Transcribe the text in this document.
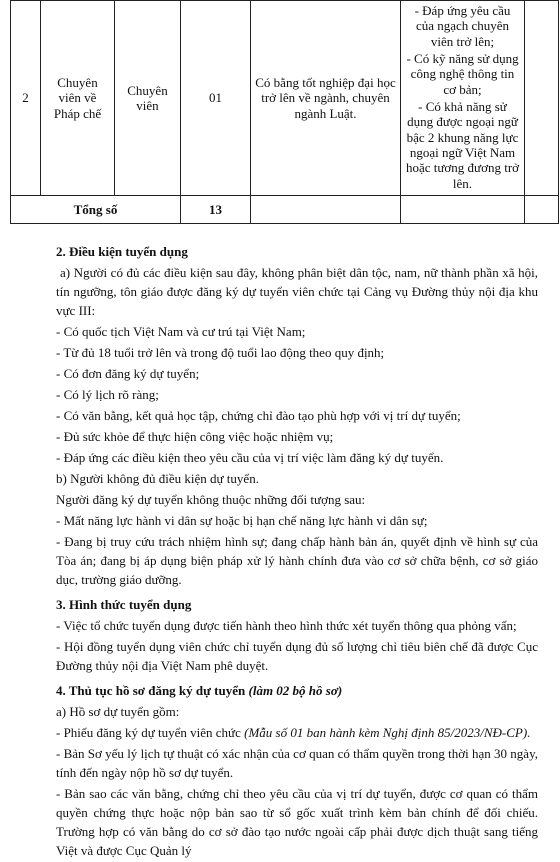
2	Chuyên viên về Pháp chế	Chuyên viên	01	Có bằng tốt nghiệp đại học trở lên về ngành, chuyên ngành Luật.	- Đáp ứng yêu cầu của ngạch chuyên viên trở lên;
- Có kỹ năng sử dụng công nghệ thông tin cơ bản;
- Có khả năng sử dụng được ngoại ngữ bậc 2 khung năng lực ngoại ngữ Việt Nam hoặc tương đương trở lên.	

Tổng số			13			
2. Điều kiện tuyển dụng
a) Người có đủ các điều kiện sau đây, không phân biệt dân tộc, nam, nữ thành phần xã hội, tín ngưỡng, tôn giáo được đăng ký dự tuyển viên chức tại Cảng vụ Đường thủy nội địa khu vực III:
- Có quốc tịch Việt Nam và cư trú tại Việt Nam;
- Từ đủ 18 tuổi trở lên và trong độ tuổi lao động theo quy định;
- Có đơn đăng ký dự tuyển;
- Có lý lịch rõ ràng;
- Có văn bằng, kết quả học tập, chứng chỉ đào tạo phù hợp với vị trí dự tuyển;
- Đủ sức khỏe để thực hiện công việc hoặc nhiệm vụ;
- Đáp ứng các điều kiện theo yêu cầu của vị trí việc làm đăng ký dự tuyển.
b) Người không đủ điều kiện dự tuyển.
Người đăng ký dự tuyển không thuộc những đối tượng sau:
- Mất năng lực hành vi dân sự hoặc bị hạn chế năng lực hành vi dân sự;
- Đang bị truy cứu trách nhiệm hình sự; đang chấp hành bản án, quyết định về hình sự của Tòa án; đang bị áp dụng biện pháp xử lý hành chính đưa vào cơ sở chữa bệnh, cơ sở giáo dục, trường giáo dưỡng.
3. Hình thức tuyển dụng
- Việc tổ chức tuyển dụng được tiến hành theo hình thức xét tuyển thông qua phỏng vấn;
- Hội đồng tuyển dụng viên chức chỉ tuyển dụng đủ số lượng chỉ tiêu biên chế đã được Cục Đường thủy nội địa Việt Nam phê duyệt.
4. Thủ tục hồ sơ đăng ký dự tuyển (làm 02 bộ hồ sơ)
a) Hồ sơ dự tuyển gồm:
- Phiếu đăng ký dự tuyển viên chức (Mẫu số 01 ban hành kèm Nghị định 85/2023/NĐ-CP).
- Bản Sơ yếu lý lịch tự thuật có xác nhận của cơ quan có thẩm quyền trong thời hạn 30 ngày, tính đến ngày nộp hồ sơ dự tuyển.
- Bản sao các văn bằng, chứng chỉ theo yêu cầu của vị trí dự tuyển, được cơ quan có thẩm quyền chứng thực hoặc nộp bản sao từ sổ gốc xuất trình kèm bản chính để đối chiếu. Trường hợp có văn bằng do cơ sở đào tạo nước ngoài cấp phải được dịch thuật sang tiếng Việt và được Cục Quản lý
